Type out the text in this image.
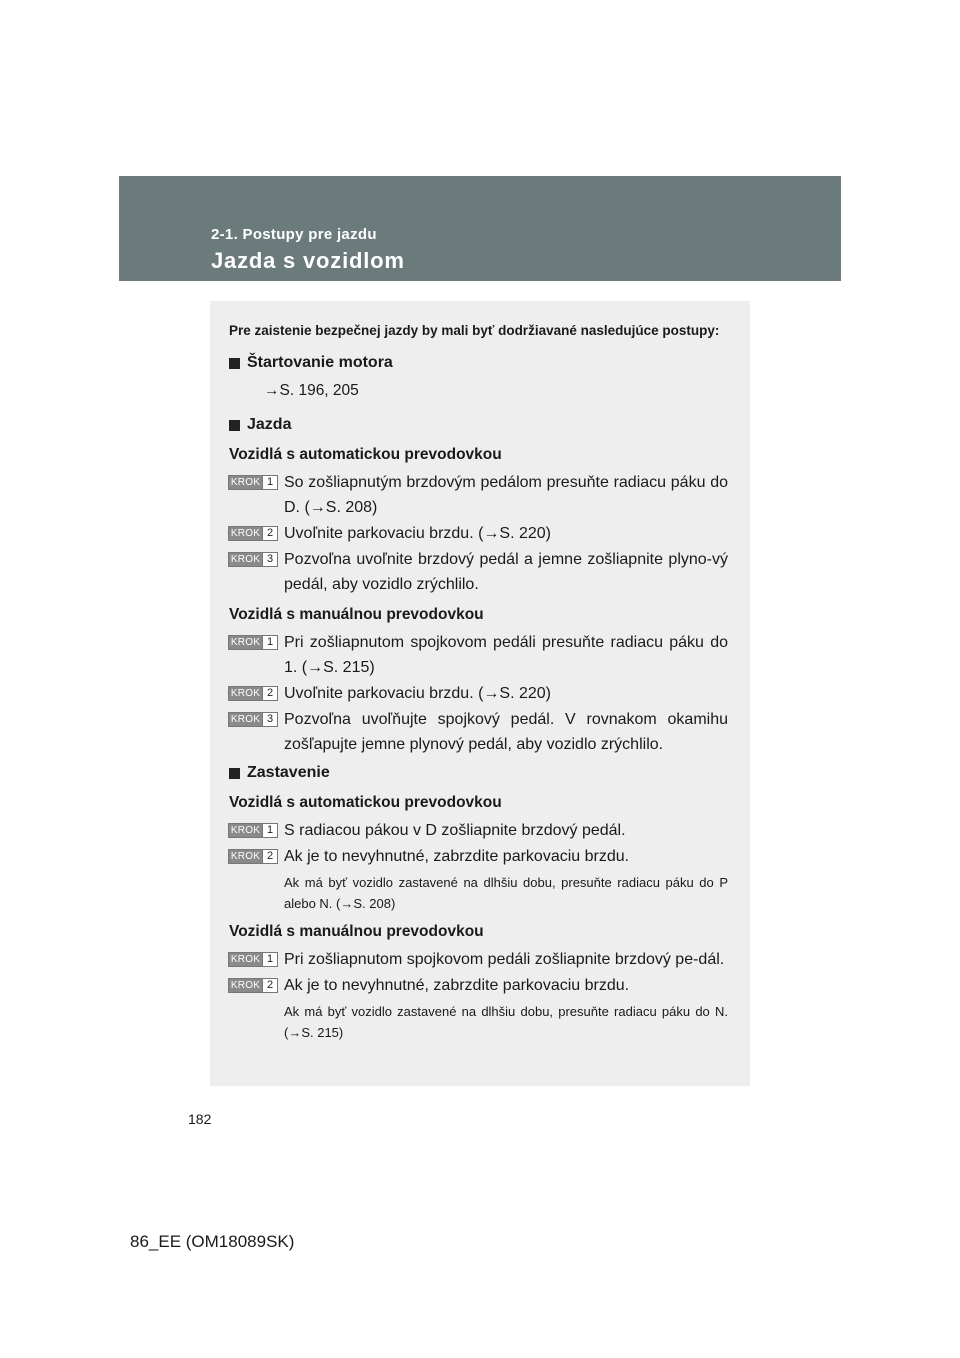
2-1. Postupy pre jazdu
Jazda s vozidlom

Pre zaistenie bezpečnej jazdy by mali byť dodržiavané nasledujúce postupy:

Štartovanie motora
→S. 196, 205
Jazda
Vozidlá s automatickou prevodovkou
KROK 1 So zošliapnutým brzdovým pedálom presuňte radiacu páku do D. (→S. 208)
KROK 2 Uvoľnite parkovaciu brzdu. (→S. 220)
KROK 3 Pozvoľna uvoľnite brzdový pedál a jemne zošliapnite plyno-vý pedál, aby vozidlo zrýchlilo.
Vozidlá s manuálnou prevodovkou
KROK 1 Pri zošliapnutom spojkovom pedáli presuňte radiacu páku do 1. (→S. 215)
KROK 2 Uvoľnite parkovaciu brzdu. (→S. 220)
KROK 3 Pozvoľna uvoľňujte spojkový pedál. V rovnakom okamihu zošľapujte jemne plynový pedál, aby vozidlo zrýchlilo.
Zastavenie
Vozidlá s automatickou prevodovkou
KROK 1 S radiacou pákou v D zošliapnite brzdový pedál.
KROK 2 Ak je to nevyhnutné, zabrzdite parkovaciu brzdu.
Ak má byť vozidlo zastavené na dlhšiu dobu, presuňte radiacu páku do P alebo N. (→S. 208)
Vozidlá s manuálnou prevodovkou
KROK 1 Pri zošliapnutom spojkovom pedáli zošliapnite brzdový pe-dál.
KROK 2 Ak je to nevyhnutné, zabrzdite parkovaciu brzdu.
Ak má byť vozidlo zastavené na dlhšiu dobu, presuňte radiacu páku do N. (→S. 215)
182
86_EE (OM18089SK)
